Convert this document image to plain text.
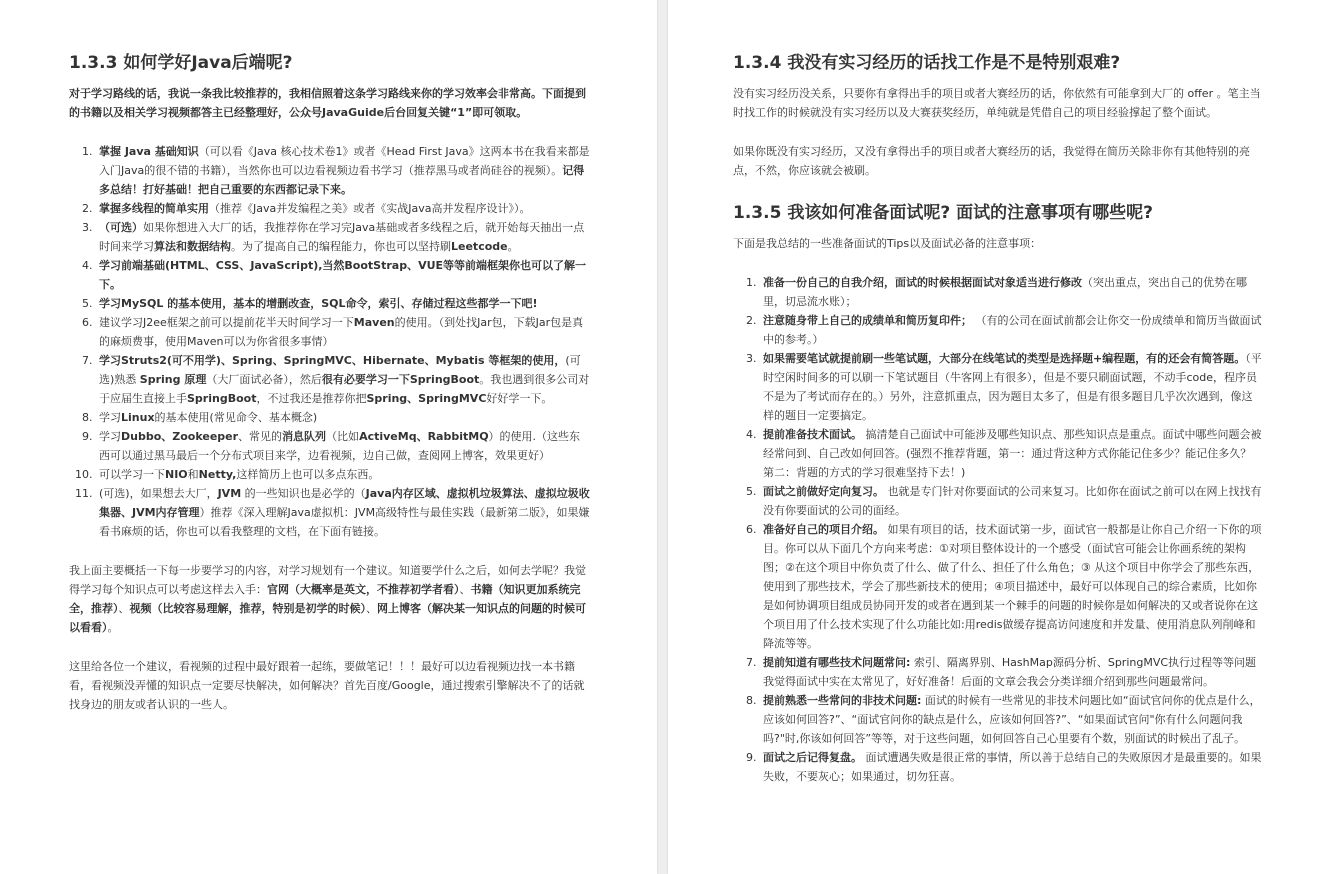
1.3.3 如何学好Java后端呢?

对于学习路线的话，我说一条我比较推荐的，我相信照着这条学习路线来你的学习效率会非常高。下面提到的书籍以及相关学习视频都答主已经整理好，公众号JavaGuide后台回复关键“1”即可领取。

1. 掌握 Java 基础知识（可以看《Java 核心技术卷1》或者《Head First Java》这两本书在我看来都是入门Java的很不错的书籍），当然你也可以边看视频边看书学习（推荐黑马或者尚硅谷的视频）。记得多总结！打好基础！把自己重要的东西都记录下来。
2. 掌握多线程的简单实用（推荐《Java并发编程之美》或者《实战Java高并发程序设计》）。
3. （可选）如果你想进入大厂的话，我推荐你在学习完Java基础或者多线程之后，就开始每天抽出一点时间来学习算法和数据结构。为了提高自己的编程能力，你也可以坚持刷Leetcode。
4. 学习前端基础(HTML、CSS、JavaScript),当然BootStrap、VUE等等前端框架你也可以了解一下。
5. 学习MySQL 的基本使用，基本的增删改查，SQL命令，索引、存储过程这些都学一下吧!
6. 建议学习J2ee框架之前可以提前花半天时间学习一下Maven的使用。（到处找Jar包，下载Jar包是真的麻烦费事，使用Maven可以为你省很多事情）
7. 学习Struts2(可不用学)、Spring、SpringMVC、Hibernate、Mybatis 等框架的使用，(可选)熟悉 Spring 原理（大厂面试必备），然后很有必要学习一下SpringBoot。我也遇到很多公司对于应届生直接上手SpringBoot，不过我还是推荐你把Spring、SpringMVC好好学一下。
8. 学习Linux的基本使用(常见命令、基本概念)
9. 学习Dubbo、Zookeeper、常见的消息队列（比如ActiveMq、RabbitMQ）的使用.（这些东西可以通过黑马最后一个分布式项目来学，边看视频，边自己做，查阅网上博客，效果更好）
10. 可以学习一下NIO和Netty,这样简历上也可以多点东西。
11. (可选)，如果想去大厂，JVM 的一些知识也是必学的（Java内存区域、虚拟机垃圾算法、虚拟垃圾收集器、JVM内存管理）推荐《深入理解Java虚拟机：JVM高级特性与最佳实践（最新第二版》，如果嫌看书麻烦的话，你也可以看我整理的文档，在下面有链接。

我上面主要概括一下每一步要学习的内容，对学习规划有一个建议。知道要学什么之后，如何去学呢？我觉得学习每个知识点可以考虑这样去入手：官网（大概率是英文，不推荐初学者看）、书籍（知识更加系统完全，推荐）、视频（比较容易理解，推荐，特别是初学的时候）、网上博客（解决某一知识点的问题的时候可以看看）。

这里给各位一个建议，看视频的过程中最好跟着一起练，要做笔记！！！最好可以边看视频边找一本书籍看，看视频没弄懂的知识点一定要尽快解决，如何解决？首先百度/Google，通过搜索引擎解决不了的话就找身边的朋友或者认识的一些人。

1.3.4 我没有实习经历的话找工作是不是特别艰难?

没有实习经历没关系，只要你有拿得出手的项目或者大赛经历的话，你依然有可能拿到大厂的 offer 。笔主当时找工作的时候就没有实习经历以及大赛获奖经历，单纯就是凭借自己的项目经验撑起了整个面试。

如果你既没有实习经历，又没有拿得出手的项目或者大赛经历的话，我觉得在简历关除非你有其他特别的亮点，不然，你应该就会被刷。

1.3.5 我该如何准备面试呢? 面试的注意事项有哪些呢?

下面是我总结的一些准备面试的Tips以及面试必备的注意事项：

1. 准备一份自己的自我介绍，面试的时候根据面试对象适当进行修改（突出重点，突出自己的优势在哪里，切忌流水账）；
2. 注意随身带上自己的成绩单和简历复印件； （有的公司在面试前都会让你交一份成绩单和简历当做面试中的参考。）
3. 如果需要笔试就提前刷一些笔试题，大部分在线笔试的类型是选择题+编程题，有的还会有简答题。（平时空闲时间多的可以刷一下笔试题目（牛客网上有很多），但是不要只刷面试题，不动手code，程序员不是为了考试而存在的。）另外，注意抓重点，因为题目太多了，但是有很多题目几乎次次遇到，像这样的题目一定要搞定。
4. 提前准备技术面试。 搞清楚自己面试中可能涉及哪些知识点、那些知识点是重点。面试中哪些问题会被经常问到、自己改如何回答。(强烈不推荐背题，第一：通过背这种方式你能记住多少？能记住多久？第二：背题的方式的学习很难坚持下去！)
5. 面试之前做好定向复习。 也就是专门针对你要面试的公司来复习。比如你在面试之前可以在网上找找有没有你要面试的公司的面经。
6. 准备好自己的项目介绍。 如果有项目的话，技术面试第一步，面试官一般都是让你自己介绍一下你的项目。你可以从下面几个方向来考虑：①对项目整体设计的一个感受（面试官可能会让你画系统的架构图；②在这个项目中你负责了什么、做了什么、担任了什么角色；③ 从这个项目中你学会了那些东西，使用到了那些技术，学会了那些新技术的使用；④项目描述中，最好可以体现自己的综合素质，比如你是如何协调项目组成员协同开发的或者在遇到某一个棘手的问题的时候你是如何解决的又或者说你在这个项目用了什么技术实现了什么功能比如:用redis做缓存提高访问速度和并发量、使用消息队列削峰和降流等等。
7. 提前知道有哪些技术问题常问: 索引、隔离界别、HashMap源码分析、SpringMVC执行过程等等问题我觉得面试中实在太常见了，好好准备！后面的文章会我会分类详细介绍到那些问题最常问。
8. 提前熟悉一些常问的非技术问题: 面试的时候有一些常见的非技术问题比如“面试官问你的优点是什么，应该如何回答?”、“面试官问你的缺点是什么，应该如何回答?”、“如果面试官问"你有什么问题问我吗?"时,你该如何回答”等等，对于这些问题，如何回答自己心里要有个数，别面试的时候出了乱子。
9. 面试之后记得复盘。 面试遭遇失败是很正常的事情，所以善于总结自己的失败原因才是最重要的。如果失败，不要灰心；如果通过，切勿狂喜。
